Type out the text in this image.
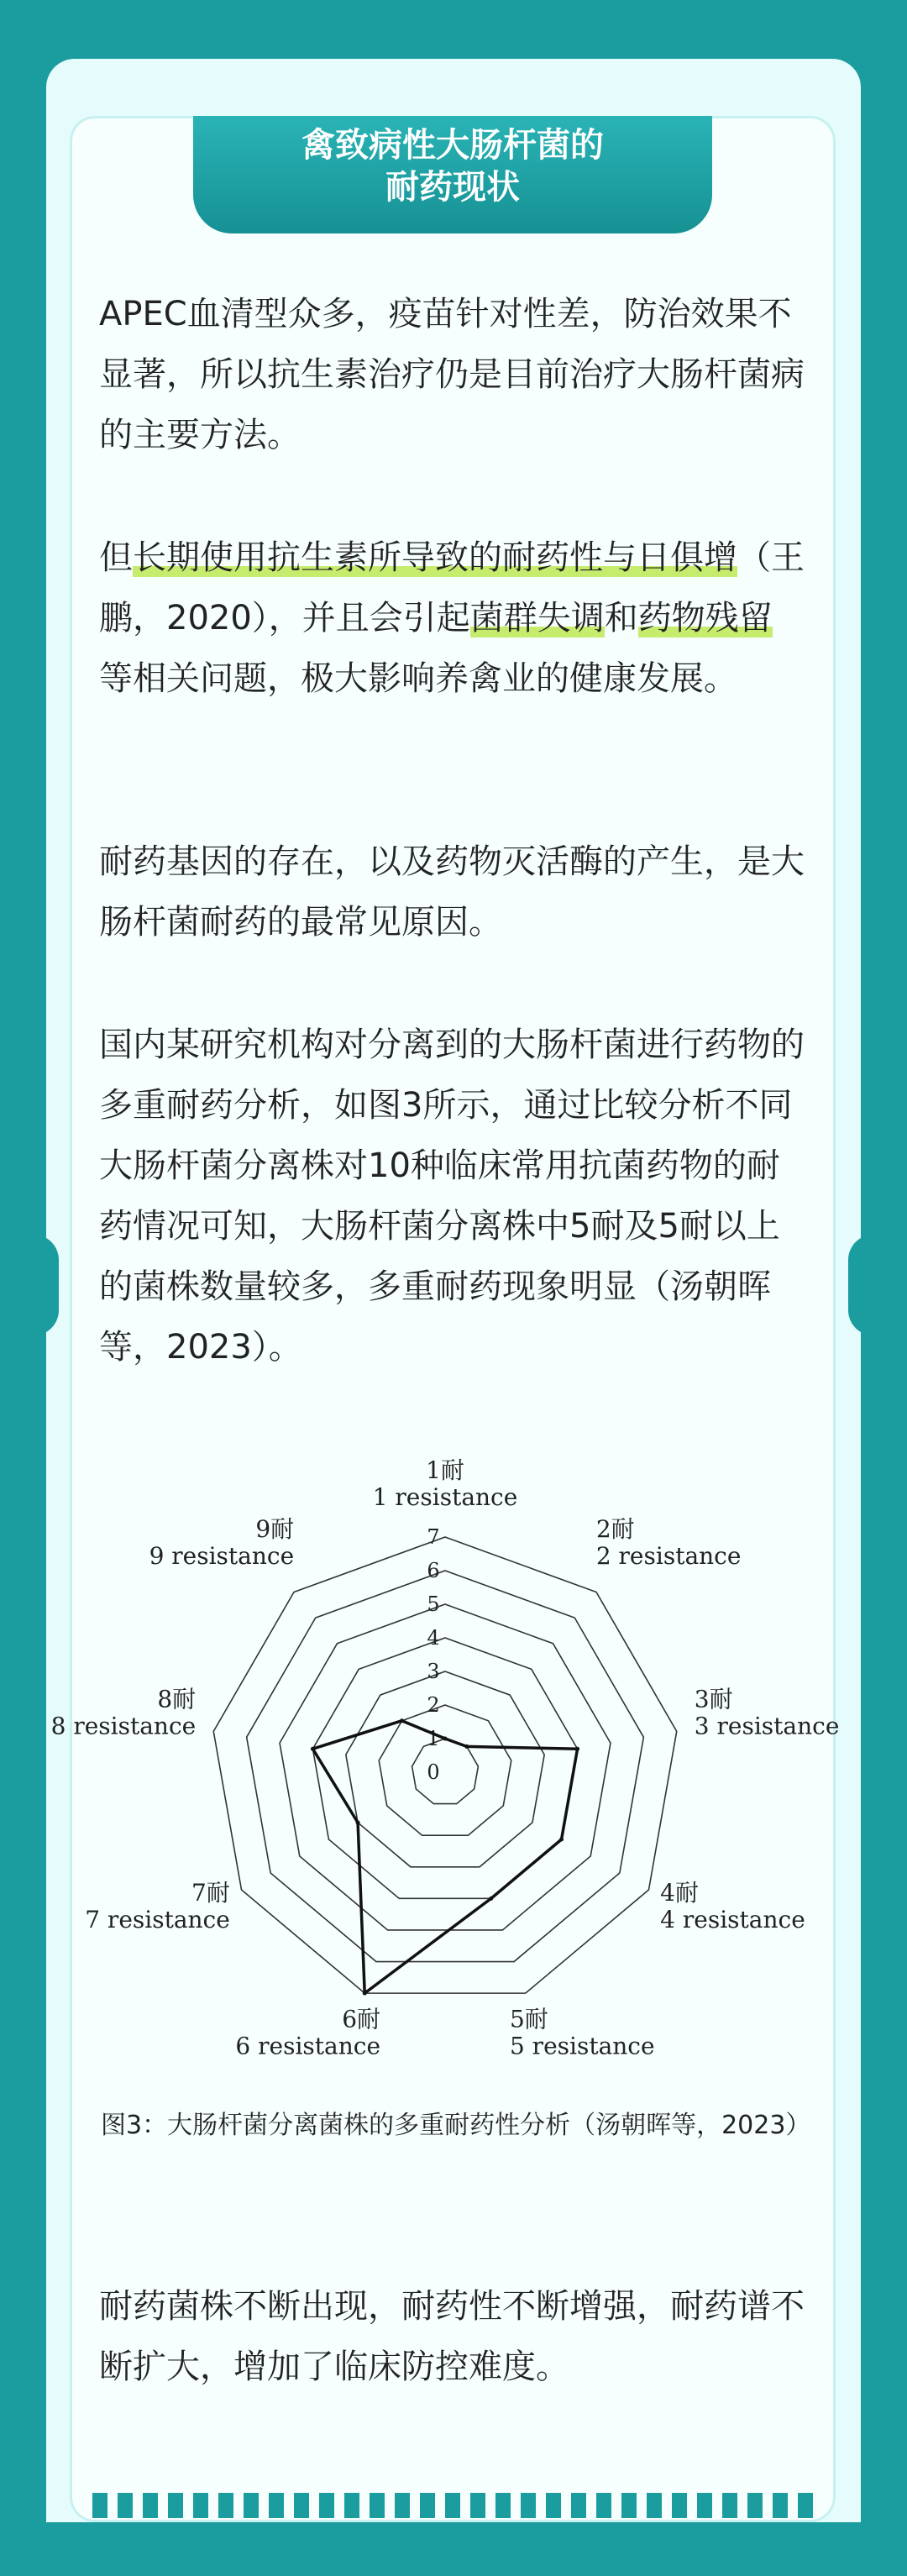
禽致病性大肠杆菌的
耐药现状

APEC血清型众多，疫苗针对性差，防治效果不显著，所以抗生素治疗仍是目前治疗大肠杆菌病的主要方法。

但长期使用抗生素所导致的耐药性与日俱增（王鹏，2020），并且会引起菌群失调和药物残留等相关问题，极大影响养禽业的健康发展。

耐药基因的存在，以及药物灭活酶的产生，是大肠杆菌耐药的最常见原因。

国内某研究机构对分离到的大肠杆菌进行药物的多重耐药分析，如图3所示，通过比较分析不同大肠杆菌分离株对10种临床常用抗菌药物的耐药情况可知，大肠杆菌分离株中5耐及5耐以上的菌株数量较多，多重耐药现象明显（汤朝晖等，2023）。

0
1
2
3
4
5
6
7
1耐
1 resistance
2耐
2 resistance
3耐
3 resistance
4耐
4 resistance
5耐
5 resistance
6耐
6 resistance
7耐
7 resistance
8耐
8 resistance
9耐
9 resistance
图3：大肠杆菌分离菌株的多重耐药性分析（汤朝晖等，2023）

耐药菌株不断出现，耐药性不断增强，耐药谱不断扩大，增加了临床防控难度。
